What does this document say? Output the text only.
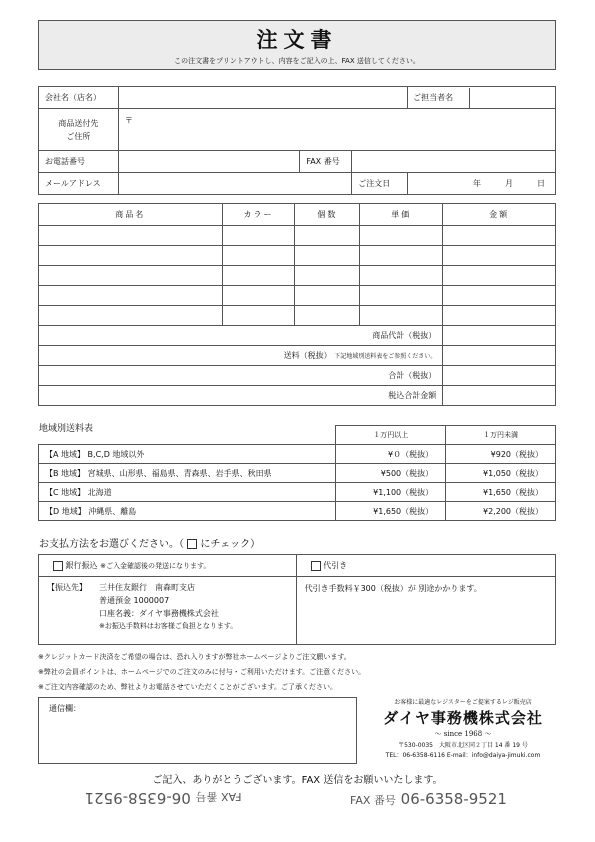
注文書
この注文書をプリントアウトし、内容をご記入の上、FAX 送信してください。
会社名（店名）				ご担当者名

商品送付先
ご住所	〒			
お電話番号		FAX 番号		
メールアドレス			ご注文日	年 月 日
商品名	カラー	個数	単価	金額

商品代計（税抜）				
送料（税抜） 下記地域別送料表をご参照ください。				
合計（税抜）				
税込合計金額				
地域別送料表
	１万円以上	１万円未満
【A 地域】 B,C,D 地域以外	¥０（税抜）	¥920（税抜）
【B 地域】 宮城県、山形県、福島県、青森県、岩手県、秋田県	¥500（税抜）	¥1,050（税抜）
【C 地域】 北海道	¥1,100（税抜）	¥1,650（税抜）
【D 地域】 沖縄県、離島	¥1,650（税抜）	¥2,200（税抜）
お支払方法をお選びください。（ にチェック）
銀行振込 ※ご入金確認後の発送になります。	代引き

【振込先】 三井住友銀行　南森町支店
普通預金 1000007
口座名義：ダイヤ事務機株式会社
※お振込手数料はお客様ご負担となります。	代引き手数料￥300（税抜）が 別途かかります。
※クレジットカード決済をご希望の場合は、恐れ入りますが弊社ホームページよりご注文願います。
※弊社の会員ポイントは、ホームページでのご注文のみに付与・ご利用いただけます。ご注意ください。
※ご注文内容確認のため、弊社よりお電話させていただくことがございます。ご了承ください。
通信欄：
お客様に最適なレジスターをご提案するレジ販売店
ダイヤ事務機株式会社
～ since 1968 ～
〒530-0035　大阪市北区同２丁目 14 番 19 号
TEL：06-6358-6116 E-mail：info@daiya-jimuki.com
ご記入、ありがとうございます。FAX 送信をお願いいたします。
FAX 番号 06-6358-9521	FAX 番号 06-6358-9521
